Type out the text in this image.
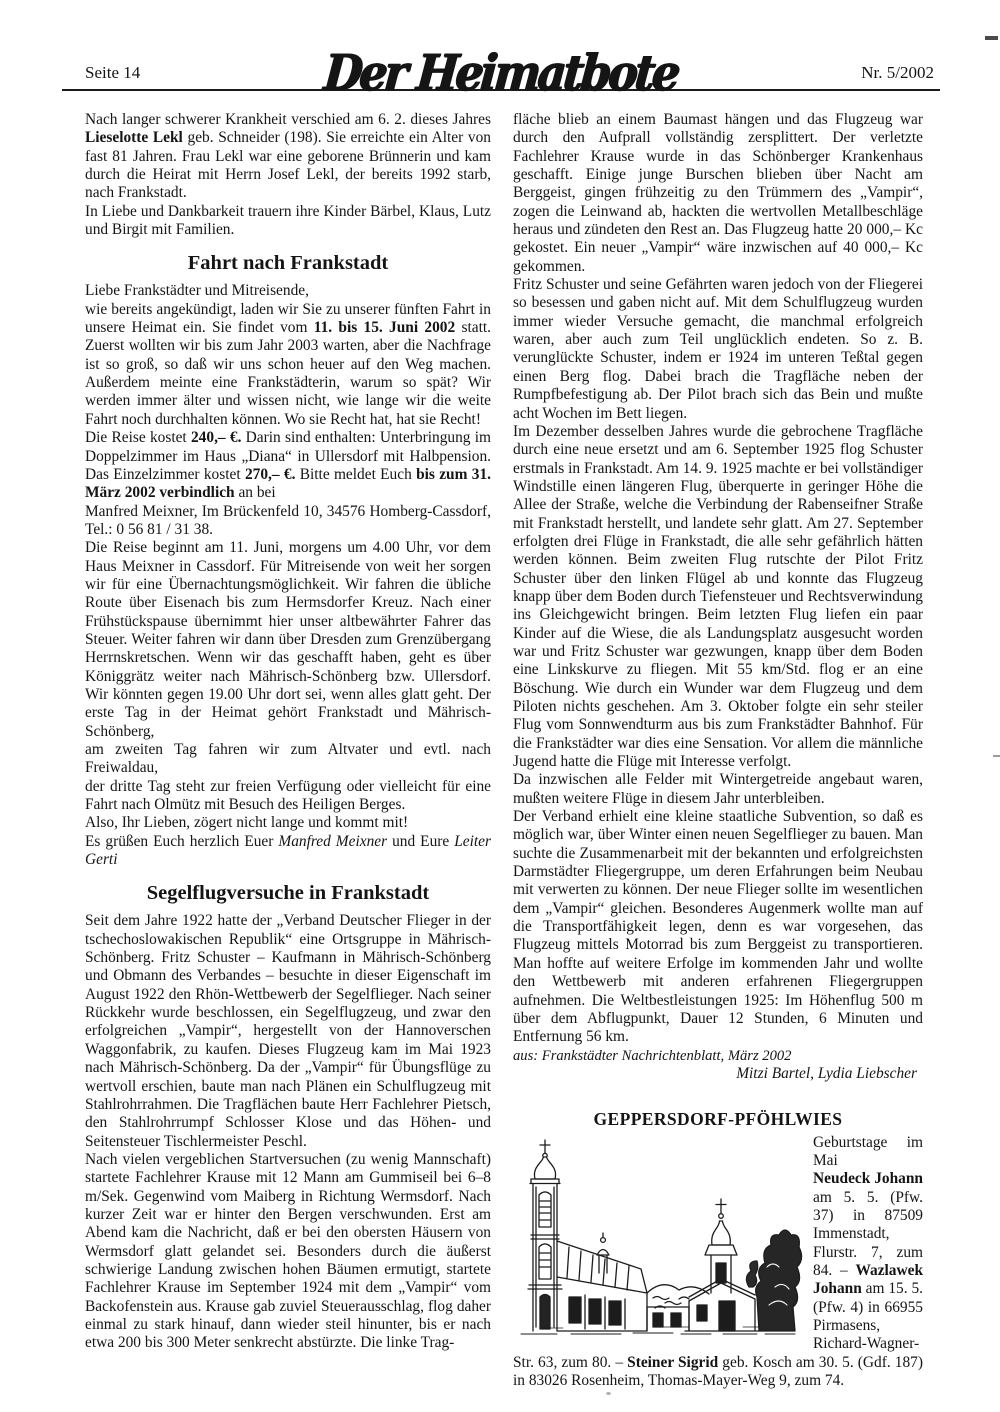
Seite 14	Der Heimatbote	Nr. 5/2002

Nach langer schwerer Krankheit verschied am 6. 2. dieses Jahres Lieselotte Lekl geb. Schneider (198). Sie erreichte ein Alter von fast 81 Jahren. Frau Lekl war eine geborene Brünnerin und kam durch die Heirat mit Herrn Josef Lekl, der bereits 1992 starb, nach Frankstadt.

In Liebe und Dankbarkeit trauern ihre Kinder Bärbel, Klaus, Lutz und Birgit mit Familien.

Fahrt nach Frankstadt

Liebe Frankstädter und Mitreisende,

wie bereits angekündigt, laden wir Sie zu unserer fünften Fahrt in unsere Heimat ein. Sie findet vom 11. bis 15. Juni 2002 statt. Zuerst wollten wir bis zum Jahr 2003 warten, aber die Nachfrage ist so groß, so daß wir uns schon heuer auf den Weg machen. Außerdem meinte eine Frankstädterin, warum so spät? Wir werden immer älter und wissen nicht, wie lange wir die weite Fahrt noch durchhalten können. Wo sie Recht hat, hat sie Recht!

Die Reise kostet 240,– €. Darin sind enthalten: Unterbringung im Doppelzimmer im Haus „Diana“ in Ullersdorf mit Halbpension. Das Einzelzimmer kostet 270,– €. Bitte meldet Euch bis zum 31. März 2002 verbindlich an bei

Manfred Meixner, Im Brückenfeld 10, 34576 Homberg-Cassdorf, Tel.: 0 56 81 / 31 38.

Die Reise beginnt am 11. Juni, morgens um 4.00 Uhr, vor dem Haus Meixner in Cassdorf. Für Mitreisende von weit her sorgen wir für eine Übernachtungsmöglichkeit. Wir fahren die übliche Route über Eisenach bis zum Hermsdorfer Kreuz. Nach einer Frühstückspause übernimmt hier unser altbewährter Fahrer das Steuer. Weiter fahren wir dann über Dresden zum Grenzübergang Herrnskretschen. Wenn wir das geschafft haben, geht es über Königgrätz weiter nach Mährisch-Schönberg bzw. Ullersdorf. Wir könnten gegen 19.00 Uhr dort sei, wenn alles glatt geht. Der erste Tag in der Heimat gehört Frankstadt und Mährisch-Schönberg,

am zweiten Tag fahren wir zum Altvater und evtl. nach Freiwaldau,

der dritte Tag steht zur freien Verfügung oder vielleicht für eine Fahrt nach Olmütz mit Besuch des Heiligen Berges.

Also, Ihr Lieben, zögert nicht lange und kommt mit!

Es grüßen Euch herzlich Euer Manfred Meixner und Eure Leiter Gerti

Segelflugversuche in Frankstadt

Seit dem Jahre 1922 hatte der „Verband Deutscher Flieger in der tschechoslowakischen Republik“ eine Ortsgruppe in Mährisch-Schönberg. Fritz Schuster – Kaufmann in Mährisch-Schönberg und Obmann des Verbandes – besuchte in dieser Eigenschaft im August 1922 den Rhön-Wettbewerb der Segelflieger. Nach seiner Rückkehr wurde beschlossen, ein Segelflugzeug, und zwar den erfolgreichen „Vampir“, hergestellt von der Hannoverschen Waggonfabrik, zu kaufen. Dieses Flugzeug kam im Mai 1923 nach Mährisch-Schönberg. Da der „Vampir“ für Übungsflüge zu wertvoll erschien, baute man nach Plänen ein Schulflugzeug mit Stahlrohrrahmen. Die Tragflächen baute Herr Fachlehrer Pietsch, den Stahlrohrrumpf Schlosser Klose und das Höhen- und Seitensteuer Tischlermeister Peschl.

Nach vielen vergeblichen Startversuchen (zu wenig Mannschaft) startete Fachlehrer Krause mit 12 Mann am Gummiseil bei 6–8 m/Sek. Gegenwind vom Maiberg in Richtung Wermsdorf. Nach kurzer Zeit war er hinter den Bergen verschwunden. Erst am Abend kam die Nachricht, daß er bei den obersten Häusern von Wermsdorf glatt gelandet sei. Besonders durch die äußerst schwierige Landung zwischen hohen Bäumen ermutigt, startete Fachlehrer Krause im September 1924 mit dem „Vampir“ vom Backofenstein aus. Krause gab zuviel Steuerausschlag, flog daher einmal zu stark hinauf, dann wieder steil hinunter, bis er nach etwa 200 bis 300 Meter senkrecht abstürzte. Die linke Trag-

fläche blieb an einem Baumast hängen und das Flugzeug war durch den Aufprall vollständig zersplittert. Der verletzte Fachlehrer Krause wurde in das Schönberger Krankenhaus geschafft. Einige junge Burschen blieben über Nacht am Berggeist, gingen frühzeitig zu den Trümmern des „Vampir“, zogen die Leinwand ab, hackten die wertvollen Metallbeschläge heraus und zündeten den Rest an. Das Flugzeug hatte 20 000,– Kc gekostet. Ein neuer „Vampir“ wäre inzwischen auf 40 000,– Kc gekommen.

Fritz Schuster und seine Gefährten waren jedoch von der Fliegerei so besessen und gaben nicht auf. Mit dem Schulflugzeug wurden immer wieder Versuche gemacht, die manchmal erfolgreich waren, aber auch zum Teil unglücklich endeten. So z. B. verunglückte Schuster, indem er 1924 im unteren Teßtal gegen einen Berg flog. Dabei brach die Tragfläche neben der Rumpfbefestigung ab. Der Pilot brach sich das Bein und mußte acht Wochen im Bett liegen.

Im Dezember desselben Jahres wurde die gebrochene Tragfläche durch eine neue ersetzt und am 6. September 1925 flog Schuster erstmals in Frankstadt. Am 14. 9. 1925 machte er bei vollständiger Windstille einen längeren Flug, überquerte in geringer Höhe die Allee der Straße, welche die Verbindung der Rabenseifner Straße mit Frankstadt herstellt, und landete sehr glatt. Am 27. September erfolgten drei Flüge in Frankstadt, die alle sehr gefährlich hätten werden können. Beim zweiten Flug rutschte der Pilot Fritz Schuster über den linken Flügel ab und konnte das Flugzeug knapp über dem Boden durch Tiefensteuer und Rechtsverwindung ins Gleichgewicht bringen. Beim letzten Flug liefen ein paar Kinder auf die Wiese, die als Landungsplatz ausgesucht worden war und Fritz Schuster war gezwungen, knapp über dem Boden eine Linkskurve zu fliegen. Mit 55 km/Std. flog er an eine Böschung. Wie durch ein Wunder war dem Flugzeug und dem Piloten nichts geschehen. Am 3. Oktober folgte ein sehr steiler Flug vom Sonnwendturm aus bis zum Frankstädter Bahnhof. Für die Frankstädter war dies eine Sensation. Vor allem die männliche Jugend hatte die Flüge mit Interesse verfolgt.

Da inzwischen alle Felder mit Wintergetreide angebaut waren, mußten weitere Flüge in diesem Jahr unterbleiben.

Der Verband erhielt eine kleine staatliche Subvention, so daß es möglich war, über Winter einen neuen Segelflieger zu bauen. Man suchte die Zusammenarbeit mit der bekannten und erfolgreichsten Darmstädter Fliegergruppe, um deren Erfahrungen beim Neubau mit verwerten zu können. Der neue Flieger sollte im wesentlichen dem „Vampir“ gleichen. Besonderes Augenmerk wollte man auf die Transportfähigkeit legen, denn es war vorgesehen, das Flugzeug mittels Motorrad bis zum Berggeist zu transportieren. Man hoffte auf weitere Erfolge im kommenden Jahr und wollte den Wettbewerb mit anderen erfahrenen Fliegergruppen aufnehmen. Die Weltbestleistungen 1925: Im Höhenflug 500 m über dem Abflugpunkt, Dauer 12 Stunden, 6 Minuten und Entfernung 56 km.

aus: Frankstädter Nachrichtenblatt, März 2002

Mitzi Bartel, Lydia Liebscher

GEPPERSDORF-PFÖHLWIES

Geburtstage im Mai

Neudeck Johann am 5. 5. (Pfw. 37) in 87509 Immenstadt, Flurstr. 7, zum 84. – Wazlawek Johann am 15. 5. (Pfw. 4) in 66955 Pirmasens, Richard-Wagner-Str. 63, zum 80. – Steiner Sigrid geb. Kosch am 30. 5. (Gdf. 187) in 83026 Rosenheim, Thomas-Mayer-Weg 9, zum 74.
